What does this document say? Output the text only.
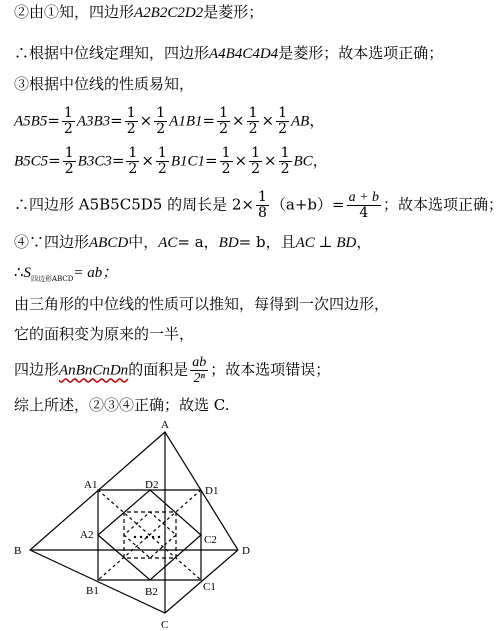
②由①知，四边形A2B2C2D2是菱形；
∴根据中位线定理知，四边形A4B4C4D4是菱形；故本选项正确；
③根据中位线的性质易知，
$A5B5= \frac{1}{2} A3B3= \frac{1}{2} \times \frac{1}{2} A1B1= \frac{1}{2} \times \frac{1}{2} \times \frac{1}{2}$ AB，
$B5C5= \frac{1}{2} B3C3= \frac{1}{2} \times \frac{1}{2} B1C1= \frac{1}{2} \times \frac{1}{2} \times \frac{1}{2}$ BC，
∴四边形 A5B5C5D5 的周长是 $2\times \frac{1}{8} (a+b)= \frac{a + b}{4}$ ；故本选项正确；
④∵四边形ABCD中，AC= a，BD= b，且AC ⊥ BD，
$\therefore S_{四边形ABCD}=$ ab；
由三角形的中位线的性质可以推知，每得到一次四边形，
它的面积变为原来的一半，
四边形AnBnCnDn的面积是 $\frac{ab}{\text{2ⁿ}}$ ；故本选项错误；
综上所述，②③④正确；故选 C.
A
B
C
D
A1
B1	C1
D1
A2
B2
C2
D2
